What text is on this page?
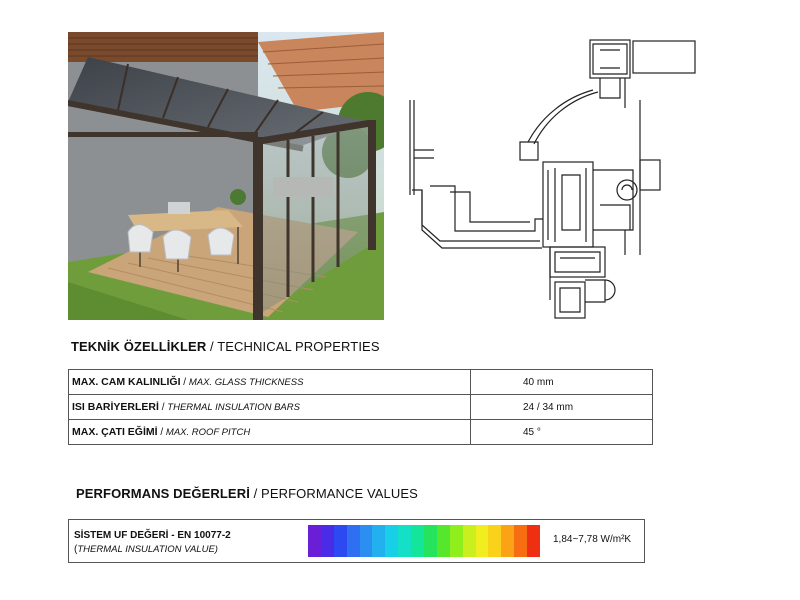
TEKNİK ÖZELLİKLER / TECHNICAL PROPERTIES
MAX. CAM KALINLIĞI / MAX. GLASS THICKNESS	40 mm
ISI BARİYERLERİ / THERMAL INSULATION BARS	24 / 34 mm
MAX. ÇATI EĞİMİ / MAX. ROOF PITCH	45 °
PERFORMANS DEĞERLERİ / PERFORMANCE VALUES
SİSTEM UF DEĞERİ - EN 10077-2
(THERMAL INSULATION VALUE)
1,84~7,78 W/m²K
